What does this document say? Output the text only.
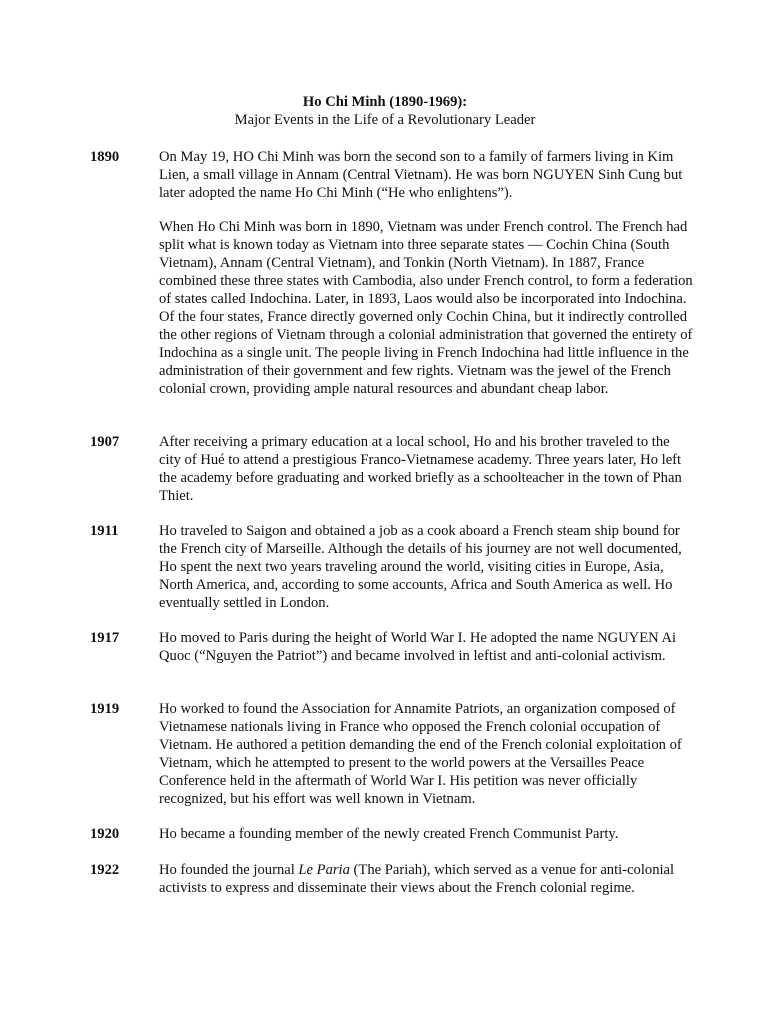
Ho Chi Minh (1890-1969):
Major Events in the Life of a Revolutionary Leader
1890	On May 19, HO Chi Minh was born the second son to a family of farmers living in Kim Lien, a small village in Annam (Central Vietnam). He was born NGUYEN Sinh Cung but later adopted the name Ho Chi Minh (“He who enlightens”).

When Ho Chi Minh was born in 1890, Vietnam was under French control. The French had split what is known today as Vietnam into three separate states — Cochin China (South Vietnam), Annam (Central Vietnam), and Tonkin (North Vietnam). In 1887, France combined these three states with Cambodia, also under French control, to form a federation of states called Indochina. Later, in 1893, Laos would also be incorporated into Indochina. Of the four states, France directly governed only Cochin China, but it indirectly controlled the other regions of Vietnam through a colonial administration that governed the entirety of Indochina as a single unit. The people living in French Indochina had little influence in the administration of their government and few rights. Vietnam was the jewel of the French colonial crown, providing ample natural resources and abundant cheap labor.

1907	After receiving a primary education at a local school, Ho and his brother traveled to the city of Hué to attend a prestigious Franco-Vietnamese academy. Three years later, Ho left the academy before graduating and worked briefly as a schoolteacher in the town of Phan Thiet.

1911	Ho traveled to Saigon and obtained a job as a cook aboard a French steam ship bound for the French city of Marseille. Although the details of his journey are not well documented, Ho spent the next two years traveling around the world, visiting cities in Europe, Asia, North America, and, according to some accounts, Africa and South America as well. Ho eventually settled in London.

1917	Ho moved to Paris during the height of World War I. He adopted the name NGUYEN Ai Quoc (“Nguyen the Patriot”) and became involved in leftist and anti-colonial activism.

1919	Ho worked to found the Association for Annamite Patriots, an organization composed of Vietnamese nationals living in France who opposed the French colonial occupation of Vietnam. He authored a petition demanding the end of the French colonial exploitation of Vietnam, which he attempted to present to the world powers at the Versailles Peace Conference held in the aftermath of World War I. His petition was never officially recognized, but his effort was well known in Vietnam.

1920	Ho became a founding member of the newly created French Communist Party.

1922	Ho founded the journal Le Paria (The Pariah), which served as a venue for anti-colonial activists to express and disseminate their views about the French colonial regime.
